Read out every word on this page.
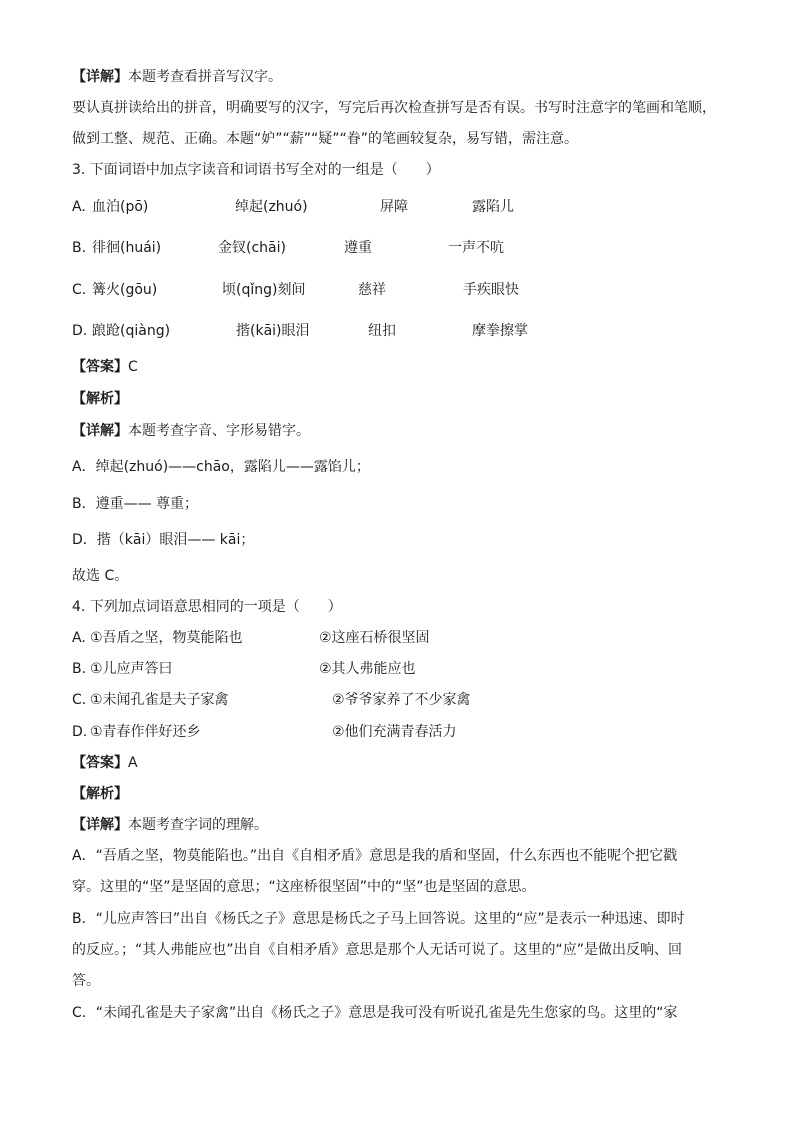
【详解】本题考查看拼音写汉字。
要认真拼读给出的拼音，明确要写的汉字，写完后再次检查拼写是否有误。书写时注意字的笔画和笔顺，
做到工整、规范、正确。本题“妒”“薪”“疑”“眷”的笔画较复杂，易写错，需注意。
3. 下面词语中加点字读音和词语书写全对的一组是（　　）
A. 血泊(pō)	绰起(zhuó)	屏障	露陷儿
B. 徘徊(huái)	金钗(chāi)	遵重	一声不吭
C. 篝火(gōu)	顷(qǐng)刻间	慈祥	手疾眼快
D. 踉跄(qiàng)	揩(kāi)眼泪	纽扣	摩拳擦掌
【答案】C
【解析】
【详解】本题考查字音、字形易错字。
A．绰起(zhuó)——chāo，露陷儿——露馅儿；
B．遵重—— 尊重；
D．揩（kāi）眼泪—— kāi；
故选 C。
4. 下列加点词语意思相同的一项是（　　）
A. ①吾盾之坚，物莫能陷也	②这座石桥很坚固
B. ①儿应声答曰	②其人弗能应也
C. ①未闻孔雀是夫子家禽	②爷爷家养了不少家禽
D. ①青春作伴好还乡	②他们充满青春活力
【答案】A
【解析】
【详解】本题考查字词的理解。
A．“吾盾之坚，物莫能陷也。”出自《自相矛盾》意思是我的盾和坚固，什么东西也不能呢个把它戳
穿。这里的“坚”是坚固的意思；“这座桥很坚固”中的“坚”也是坚固的意思。
B．“儿应声答曰”出自《杨氏之子》意思是杨氏之子马上回答说。这里的“应”是表示一种迅速、即时
的反应。；“其人弗能应也”出自《自相矛盾》意思是那个人无话可说了。这里的“应”是做出反响、回
答。
C．“未闻孔雀是夫子家禽”出自《杨氏之子》意思是我可没有听说孔雀是先生您家的鸟。这里的“家
